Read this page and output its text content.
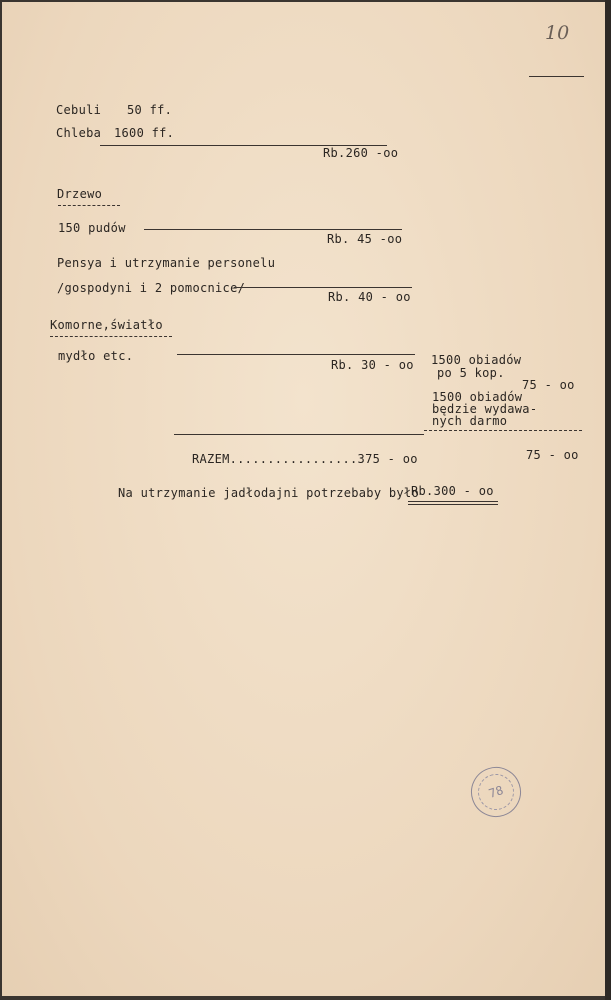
10
Cebuli 50 ff.
Chleba 1600 ff.
Rb.260 -oo
Drzewo
150 pudów
Rb. 45 -oo
Pensya i utrzymanie personelu
/gospodyni i 2 pomocnice/
Rb. 40 - oo
Komorne,światło
mydło etc.
Rb. 30 - oo 1500 obiadów
po 5 kop.
75 - oo
1500 obiadów
będzie wydawa-
nych darmo
RAZEM.................375 - oo	75 - oo
Na utrzymanie jadłodajni potrzebaby było
Rb.300 - oo
78
